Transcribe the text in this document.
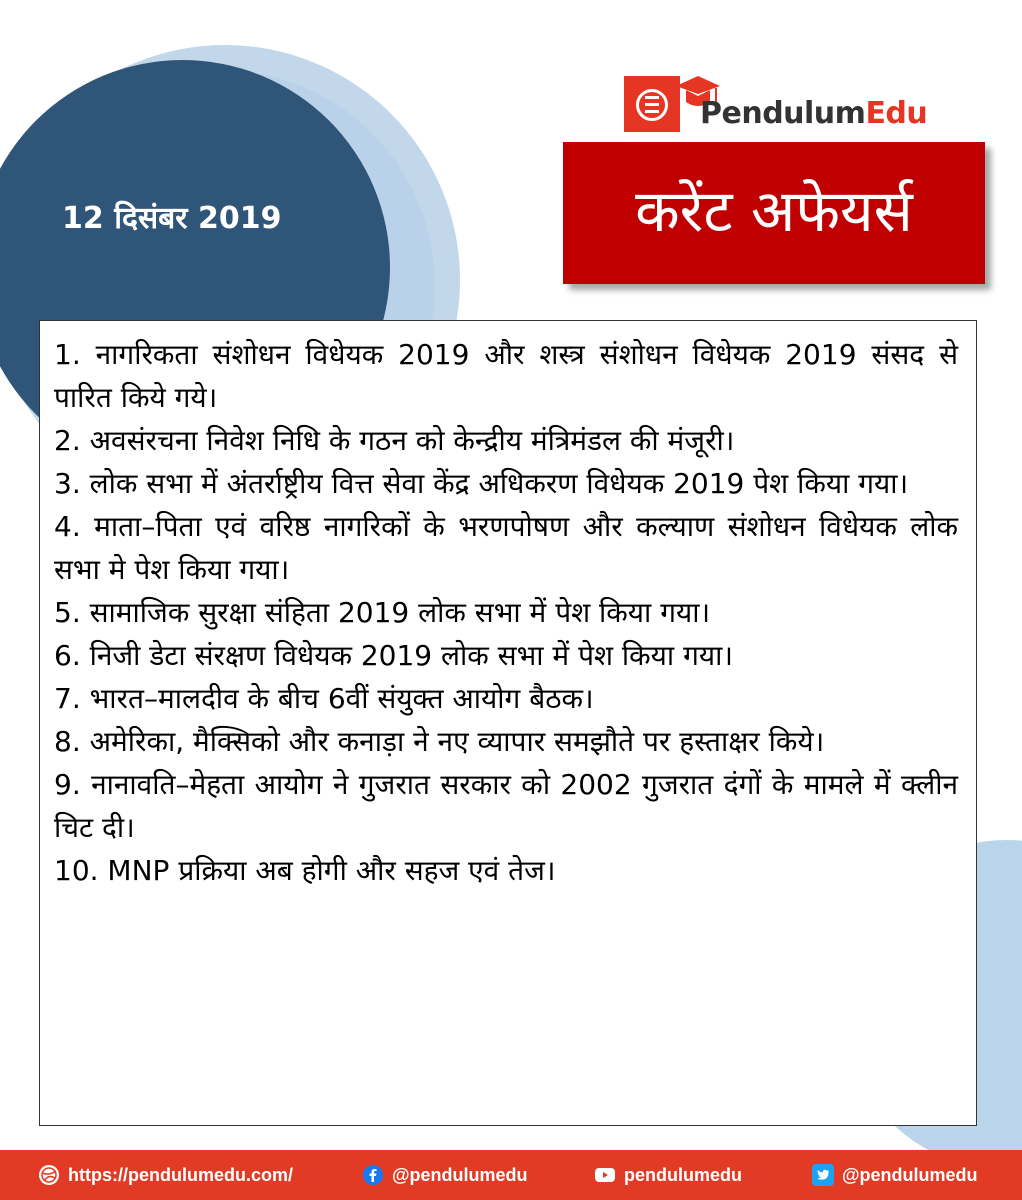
12 दिसंबर 2019
PendulumEdu
करेंट अफेयर्स
1. नागरिकता संशोधन विधेयक 2019 और शस्त्र संशोधन विधेयक 2019 संसद से पारित किये गये।
2. अवसंरचना निवेश निधि के गठन को केन्द्रीय मंत्रिमंडल की मंजूरी।
3. लोक सभा में अंतर्राष्ट्रीय वित्त सेवा केंद्र अधिकरण विधेयक 2019 पेश किया गया।
4. माता–पिता एवं वरिष्ठ नागरिकों के भरणपोषण और कल्याण संशोधन विधेयक लोक सभा मे पेश किया गया।
5. सामाजिक सुरक्षा संहिता 2019 लोक सभा में पेश किया गया।
6. निजी डेटा संरक्षण विधेयक 2019 लोक सभा में पेश किया गया।
7. भारत–मालदीव के बीच 6वीं संयुक्त आयोग बैठक।
8. अमेरिका, मैक्सिको और कनाड़ा ने नए व्यापार समझौते पर हस्ताक्षर किये।
9. नानावति–मेहता आयोग ने गुजरात सरकार को 2002 गुजरात दंगों के मामले में क्लीन चिट दी।
10. MNP प्रक्रिया अब होगी और सहज एवं तेज।
https://pendulumedu.com/	@pendulumedu	pendulumedu	@pendulumedu
